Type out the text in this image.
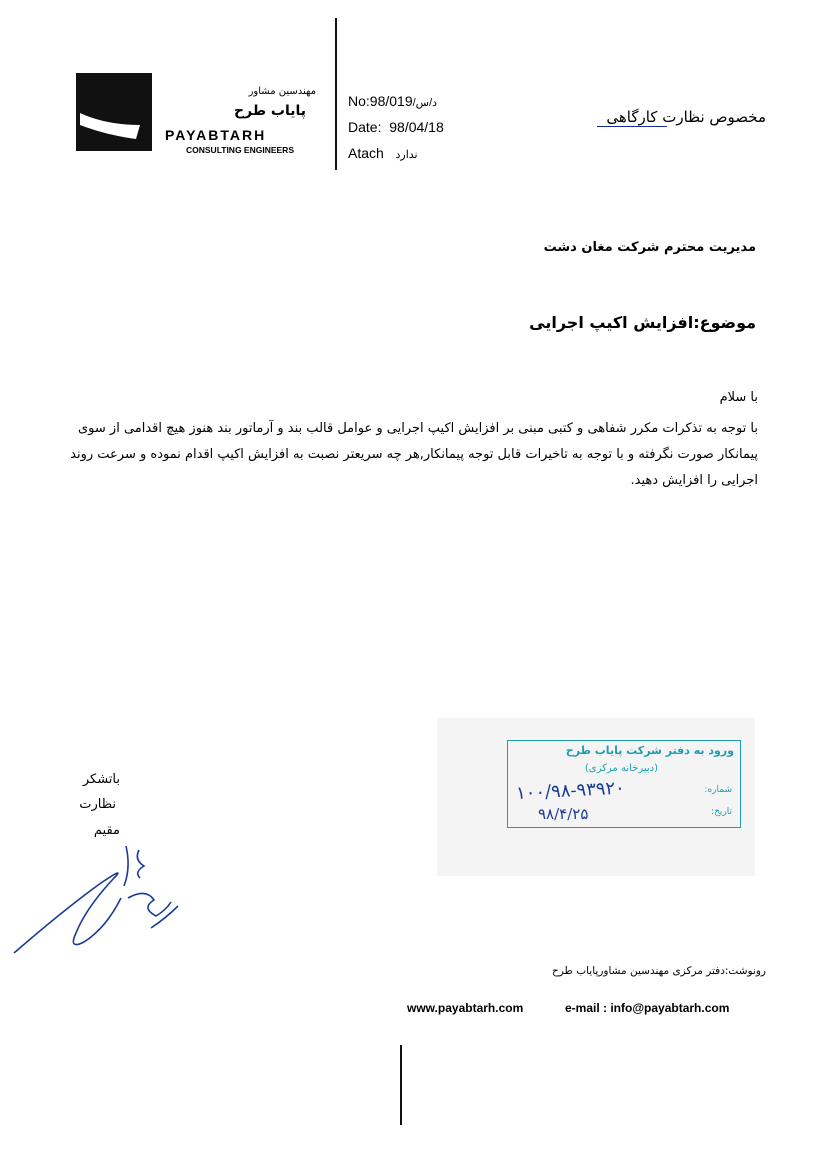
مهندسین مشاور
پایاب طرح
PAYABTARH
CONSULTING ENGINEERS
No:98/ د/س/019
Date: 98/04/18
Atach ندارد
مخصوص نظارت کارگاهی
مدیریت محترم شرکت مغان دشت
موضوع:افزایش اکیپ اجرایی
با سلام
با توجه به تذکرات مکرر شفاهی و کتبی مبنی بر افزایش اکیپ اجرایی و عوامل قالب بند و آرماتور بند هنوز هیچ اقدامی از سوی پیمانکار صورت نگرفته و با توجه به تاخیرات قابل توجه پیمانکار,هر چه سریعتر نصبت به افزایش اکیپ اقدام نموده و سرعت روند اجرایی را افزایش دهید.
ورود به دفتر شرکت پایاب طرح
(دبیرخانه مرکزی)
شماره:
تاریخ:
۱۰۰/۹۸-۹۳۹۲۰
۹۸/۴/۲۵
باتشکر
نظارت
مقیم
رونوشت:دفتر مرکزی مهندسین مشاورپایاب طرح
www.payabtarh.com	e-mail : info@payabtarh.com
